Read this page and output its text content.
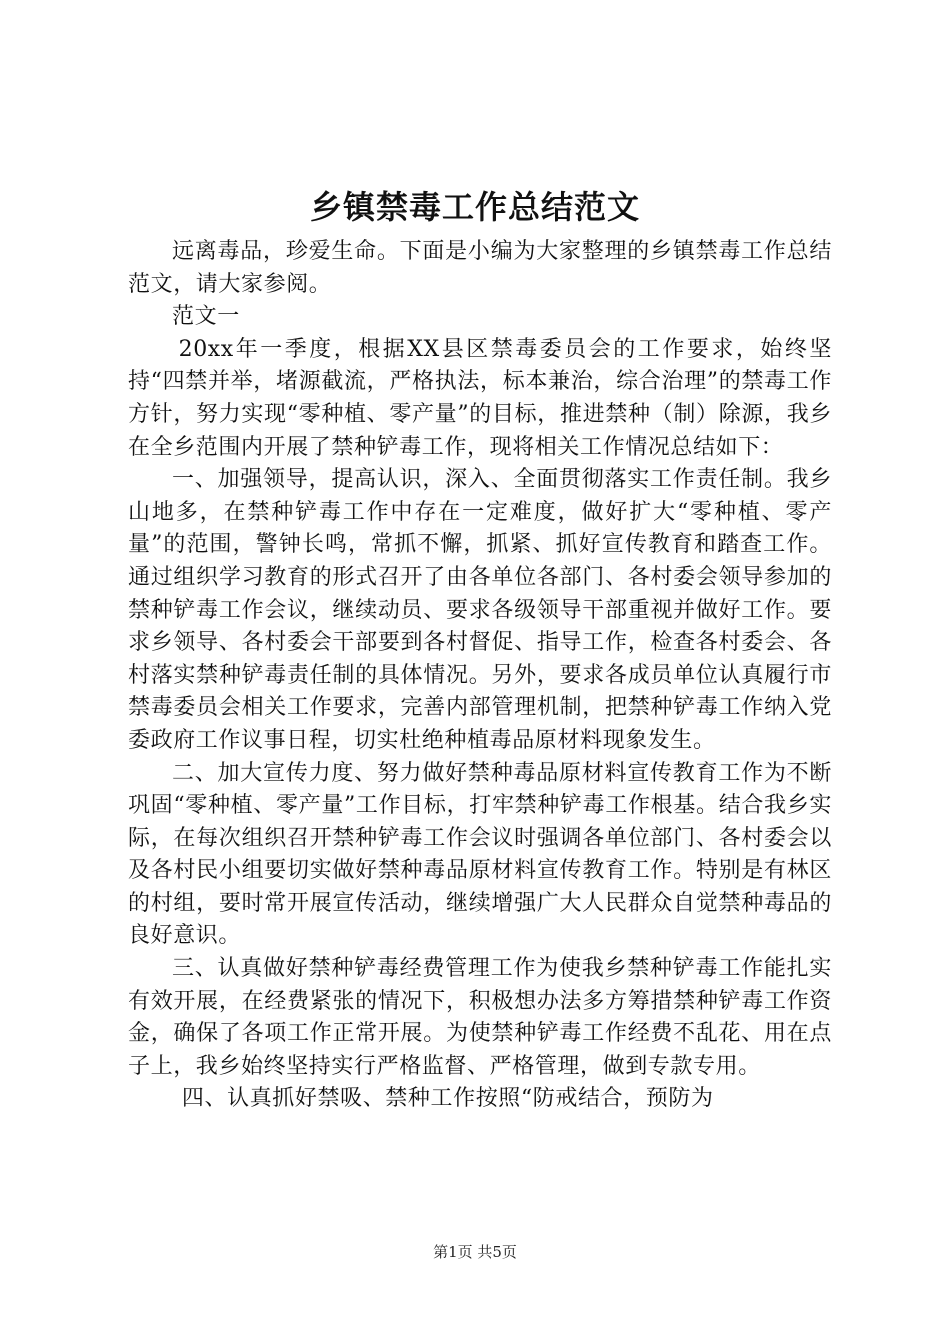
乡镇禁毒工作总结范文

远离毒品，珍爱生命。下面是小编为大家整理的乡镇禁毒工作总结范文，请大家参阅。

范文一

20xx年一季度，根据XX县区禁毒委员会的工作要求，始终坚持“四禁并举，堵源截流，严格执法，标本兼治，综合治理”的禁毒工作方针，努力实现“零种植、零产量”的目标，推进禁种（制）除源，我乡在全乡范围内开展了禁种铲毒工作，现将相关工作情况总结如下：

一、加强领导，提高认识，深入、全面贯彻落实工作责任制。我乡山地多，在禁种铲毒工作中存在一定难度，做好扩大“零种植、零产量”的范围，警钟长鸣，常抓不懈，抓紧、抓好宣传教育和踏查工作。通过组织学习教育的形式召开了由各单位各部门、各村委会领导参加的禁种铲毒工作会议，继续动员、要求各级领导干部重视并做好工作。要求乡领导、各村委会干部要到各村督促、指导工作，检查各村委会、各村落实禁种铲毒责任制的具体情况。另外，要求各成员单位认真履行市禁毒委员会相关工作要求，完善内部管理机制，把禁种铲毒工作纳入党委政府工作议事日程，切实杜绝种植毒品原材料现象发生。

二、加大宣传力度、努力做好禁种毒品原材料宣传教育工作为不断巩固“零种植、零产量”工作目标，打牢禁种铲毒工作根基。结合我乡实际，在每次组织召开禁种铲毒工作会议时强调各单位部门、各村委会以及各村民小组要切实做好禁种毒品原材料宣传教育工作。特别是有林区的村组，要时常开展宣传活动，继续增强广大人民群众自觉禁种毒品的良好意识。

三、认真做好禁种铲毒经费管理工作为使我乡禁种铲毒工作能扎实有效开展，在经费紧张的情况下，积极想办法多方筹措禁种铲毒工作资金，确保了各项工作正常开展。为使禁种铲毒工作经费不乱花、用在点子上，我乡始终坚持实行严格监督、严格管理，做到专款专用。

四、认真抓好禁吸、禁种工作按照“防戒结合，预防为

第1页 共5页
